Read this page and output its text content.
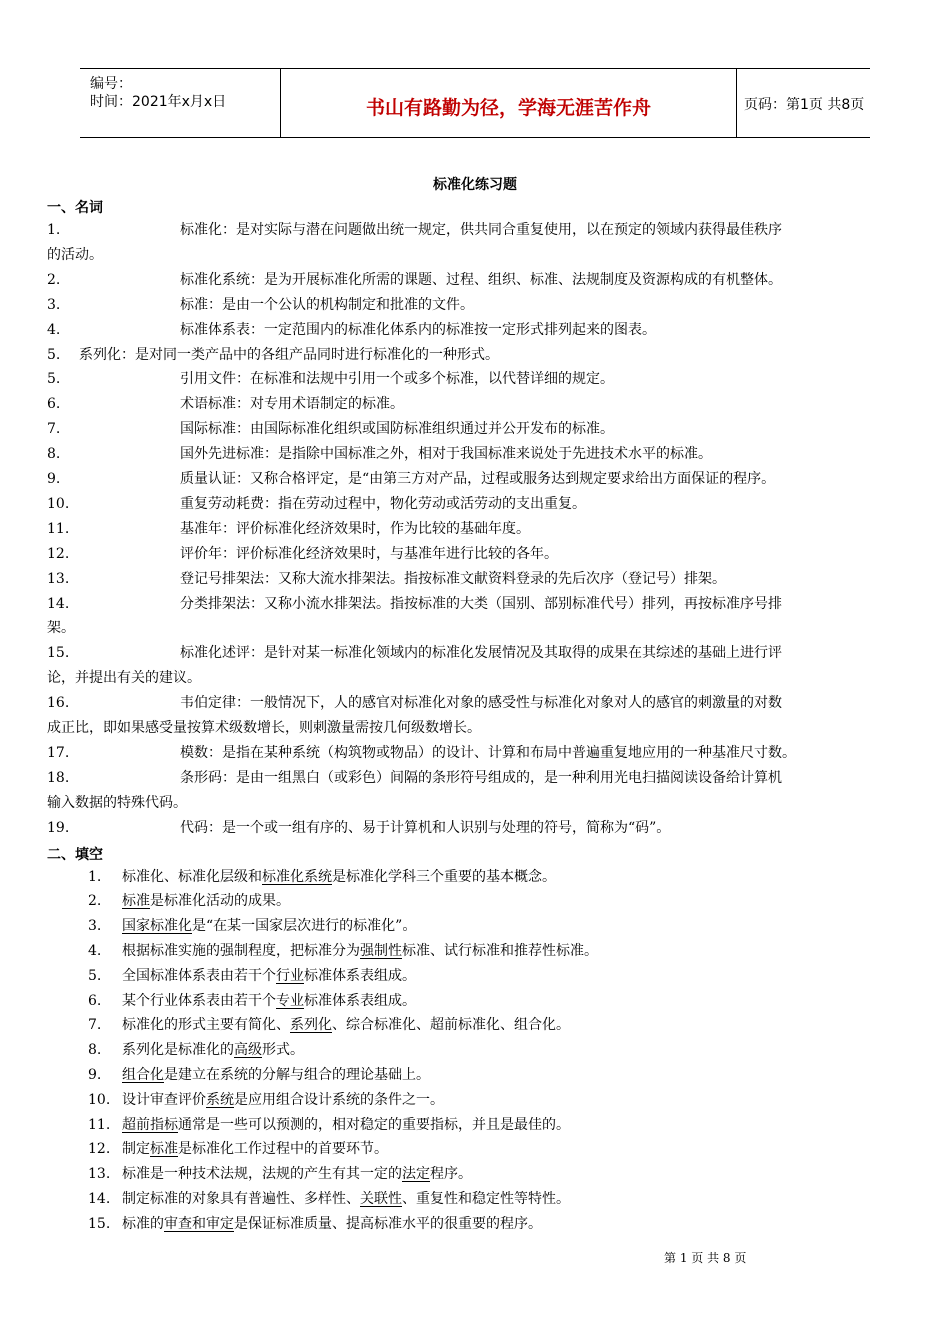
编号：
时间：2021年x月x日	书山有路勤为径，学海无涯苦作舟	页码：第1页 共8页
标准化练习题
一、名词
1.	标准化：是对实际与潜在问题做出统一规定，供共同合重复使用，以在预定的领域内获得最佳秩序
的活动。
2.	标准化系统：是为开展标准化所需的课题、过程、组织、标准、法规制度及资源构成的有机整体。
3.	标准：是由一个公认的机构制定和批准的文件。
4.	标准体系表：一定范围内的标准化体系内的标准按一定形式排列起来的图表。
5. 系列化：是对同一类产品中的各组产品同时进行标准化的一种形式。
5.	引用文件：在标准和法规中引用一个或多个标准，以代替详细的规定。
6.	术语标准：对专用术语制定的标准。
7.	国际标准：由国际标准化组织或国防标准组织通过并公开发布的标准。
8.	国外先进标准：是指除中国标准之外，相对于我国标准来说处于先进技术水平的标准。
9.	质量认证：又称合格评定，是“由第三方对产品，过程或服务达到规定要求给出方面保证的程序。
10.	重复劳动耗费：指在劳动过程中，物化劳动或活劳动的支出重复。
11.	基准年：评价标准化经济效果时，作为比较的基础年度。
12.	评价年：评价标准化经济效果时，与基准年进行比较的各年。
13.	登记号排架法：又称大流水排架法。指按标准文献资料登录的先后次序（登记号）排架。
14.	分类排架法：又称小流水排架法。指按标准的大类（国别、部别标准代号）排列，再按标准序号排
架。
15.	标准化述评：是针对某一标准化领域内的标准化发展情况及其取得的成果在其综述的基础上进行评
论，并提出有关的建议。
16.	韦伯定律：一般情况下，人的感官对标准化对象的感受性与标准化对象对人的感官的刺激量的对数
成正比，即如果感受量按算术级数增长，则刺激量需按几何级数增长。
17.	模数：是指在某种系统（构筑物或物品）的设计、计算和布局中普遍重复地应用的一种基准尺寸数。
18.	条形码：是由一组黑白（或彩色）间隔的条形符号组成的，是一种利用光电扫描阅读设备给计算机
输入数据的特殊代码。
19.	代码：是一个或一组有序的、易于计算机和人识别与处理的符号，简称为“码”。
二、填空
1. 标准化、标准化层级和标准化系统是标准化学科三个重要的基本概念。
2. 标准是标准化活动的成果。
3. 国家标准化是“在某一国家层次进行的标准化”。
4. 根据标准实施的强制程度，把标准分为强制性标准、试行标准和推荐性标准。
5. 全国标准体系表由若干个行业标准体系表组成。
6. 某个行业体系表由若干个专业标准体系表组成。
7. 标准化的形式主要有简化、系列化、综合标准化、超前标准化、组合化。
8. 系列化是标准化的高级形式。
9. 组合化是建立在系统的分解与组合的理论基础上。
10. 设计审查评价系统是应用组合设计系统的条件之一。
11. 超前指标通常是一些可以预测的，相对稳定的重要指标，并且是最佳的。
12. 制定标准是标准化工作过程中的首要环节。
13. 标准是一种技术法规，法规的产生有其一定的法定程序。
14. 制定标准的对象具有普遍性、多样性、关联性、重复性和稳定性等特性。
15. 标准的审查和审定是保证标准质量、提高标准水平的很重要的程序。
第 1 页 共 8 页
